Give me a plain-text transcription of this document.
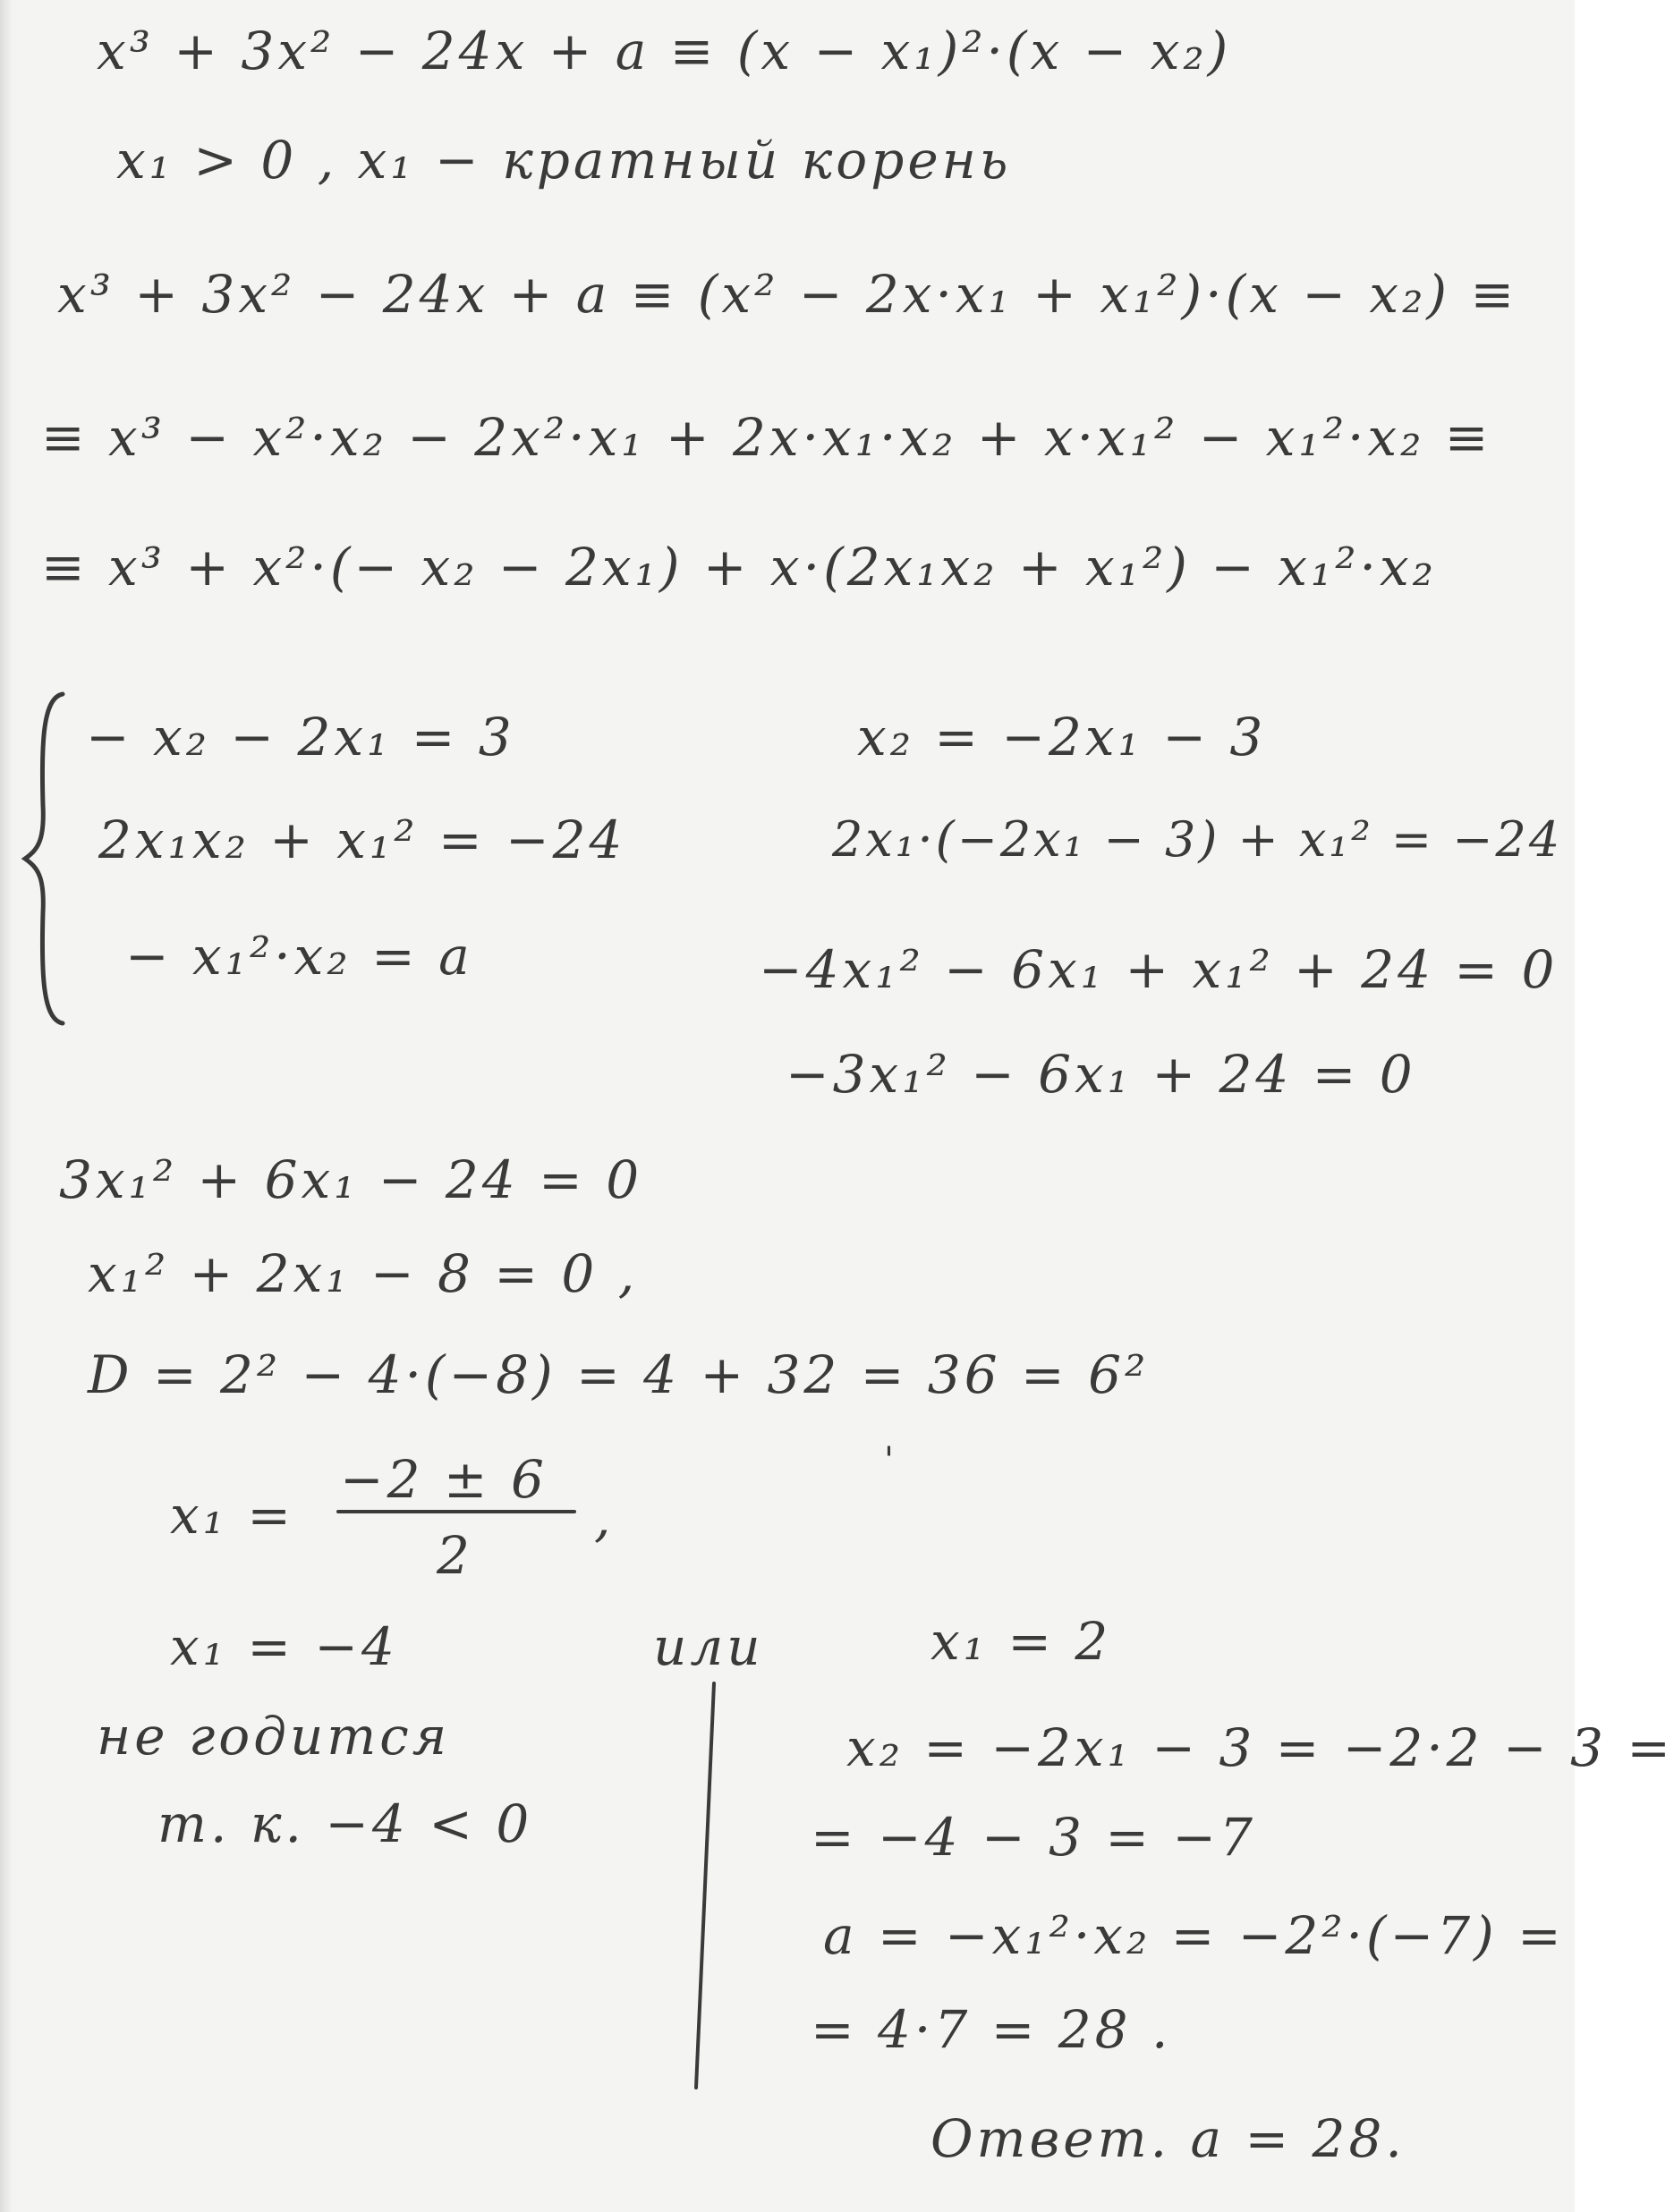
x³ + 3x² − 24x + a ≡ (x − x₁)²·(x − x₂)

x₁ > 0 , x₁ − кратный корень

x³ + 3x² − 24x + a ≡ (x² − 2x·x₁ + x₁²)·(x − x₂) ≡

≡ x³ − x²·x₂ − 2x²·x₁ + 2x·x₁·x₂ + x·x₁² − x₁²·x₂ ≡

≡ x³ + x²·(− x₂ − 2x₁) + x·(2x₁x₂ + x₁²) − x₁²·x₂

− x₂ − 2x₁ = 3

2x₁x₂ + x₁² = −24

− x₁²·x₂ = a

x₂ = −2x₁ − 3

2x₁·(−2x₁ − 3) + x₁² = −24

−4x₁² − 6x₁ + x₁² + 24 = 0

−3x₁² − 6x₁ + 24 = 0

3x₁² + 6x₁ − 24 = 0

x₁² + 2x₁ − 8 = 0 ,

D = 2² − 4·(−8) = 4 + 32 = 36 = 6²

'

x₁ =

−2 ± 6

2

,

x₁ = −4	или	x₁ = 2

не годится

т. к. −4 < 0

x₂ = −2x₁ − 3 = −2·2 − 3 =

= −4 − 3 = −7

a = −x₁²·x₂ = −2²·(−7) =

= 4·7 = 28 .

Ответ. a = 28.
